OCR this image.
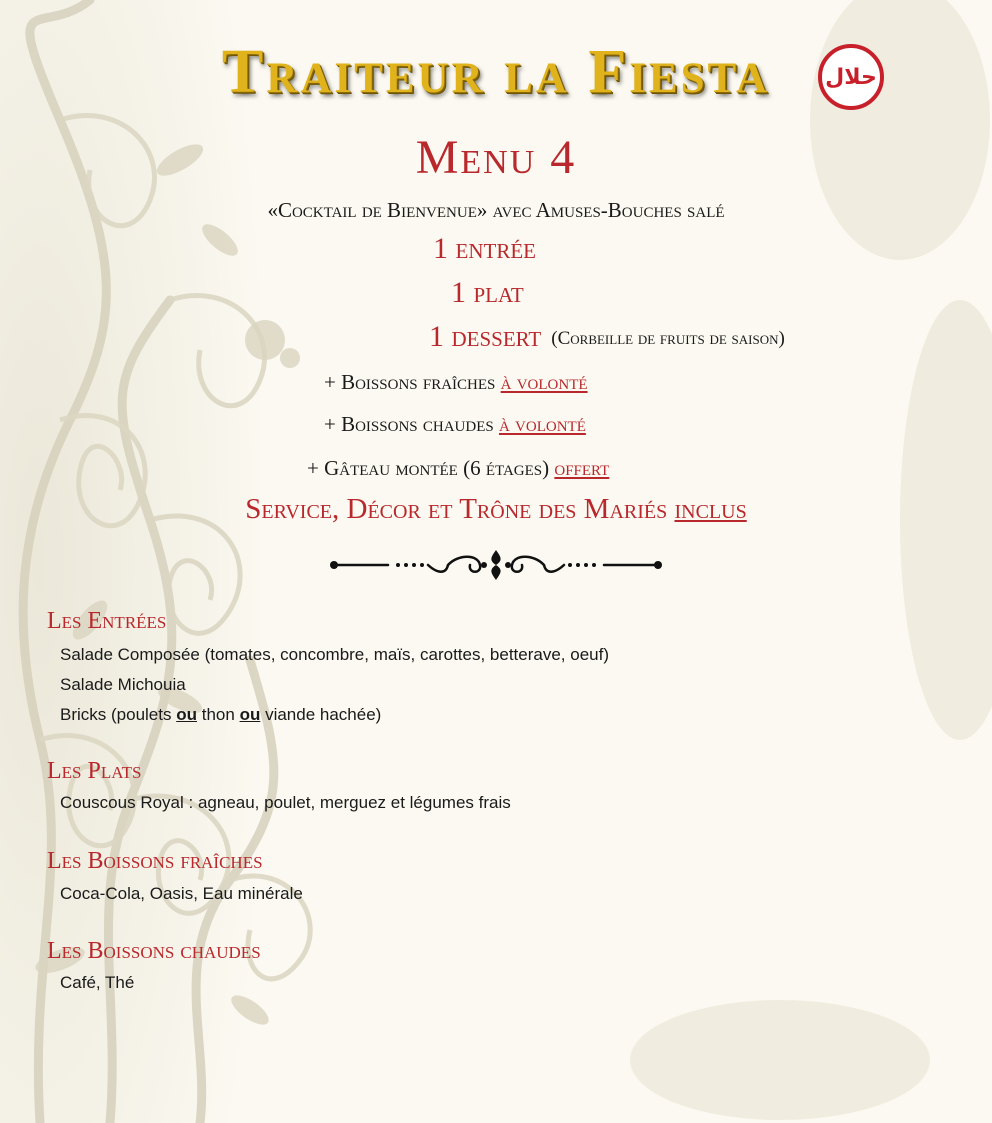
Traiteur la Fiesta	حلال
Menu 4
«Cocktail de Bienvenue» avec Amuses-Bouches salé
1 entrée
1 plat
1 dessert (Corbeille de fruits de saison)
+ Boissons fraîches à volonté
+ Boissons chaudes à volonté
+ Gâteau montée (6 étages) offert
Service, Décor et Trône des Mariés inclus
Les Entrées
Salade Composée (tomates, concombre, maïs, carottes, betterave, oeuf)
Salade Michouia
Bricks (poulets ou thon ou viande hachée)
Les Plats
Couscous Royal : agneau, poulet, merguez et légumes frais
Les Boissons fraîches
Coca-Cola, Oasis, Eau minérale
Les Boissons chaudes
Café, Thé
